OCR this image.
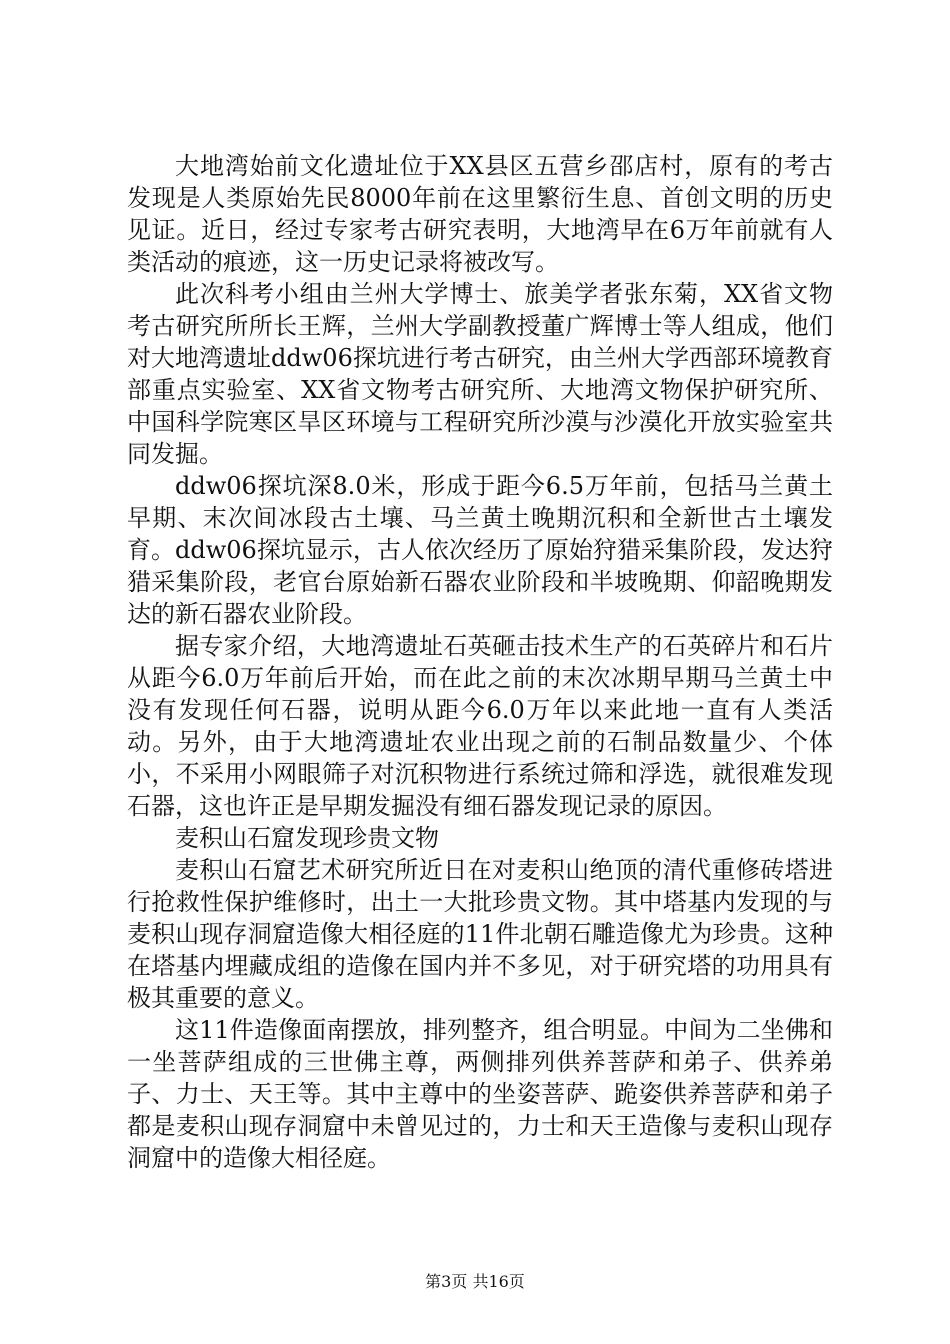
大地湾始前文化遗址位于XX县区五营乡邵店村，原有的考古发现是人类原始先民8000年前在这里繁衍生息、首创文明的历史见证。近日，经过专家考古研究表明，大地湾早在6万年前就有人类活动的痕迹，这一历史记录将被改写。

此次科考小组由兰州大学博士、旅美学者张东菊，XX省文物考古研究所所长王辉，兰州大学副教授董广辉博士等人组成，他们对大地湾遗址ddw06探坑进行考古研究，由兰州大学西部环境教育部重点实验室、XX省文物考古研究所、大地湾文物保护研究所、中国科学院寒区旱区环境与工程研究所沙漠与沙漠化开放实验室共同发掘。

ddw06探坑深8.0米，形成于距今6.5万年前，包括马兰黄土早期、末次间冰段古土壤、马兰黄土晚期沉积和全新世古土壤发育。ddw06探坑显示，古人依次经历了原始狩猎采集阶段，发达狩猎采集阶段，老官台原始新石器农业阶段和半坡晚期、仰韶晚期发达的新石器农业阶段。

据专家介绍，大地湾遗址石英砸击技术生产的石英碎片和石片从距今6.0万年前后开始，而在此之前的末次冰期早期马兰黄土中没有发现任何石器，说明从距今6.0万年以来此地一直有人类活动。另外，由于大地湾遗址农业出现之前的石制品数量少、个体小，不采用小网眼筛子对沉积物进行系统过筛和浮选，就很难发现石器，这也许正是早期发掘没有细石器发现记录的原因。

麦积山石窟发现珍贵文物

麦积山石窟艺术研究所近日在对麦积山绝顶的清代重修砖塔进行抢救性保护维修时，出土一大批珍贵文物。其中塔基内发现的与麦积山现存洞窟造像大相径庭的11件北朝石雕造像尤为珍贵。这种在塔基内埋藏成组的造像在国内并不多见，对于研究塔的功用具有极其重要的意义。

这11件造像面南摆放，排列整齐，组合明显。中间为二坐佛和一坐菩萨组成的三世佛主尊，两侧排列供养菩萨和弟子、供养弟子、力士、天王等。其中主尊中的坐姿菩萨、跪姿供养菩萨和弟子都是麦积山现存洞窟中未曾见过的，力士和天王造像与麦积山现存洞窟中的造像大相径庭。

第3页 共16页
